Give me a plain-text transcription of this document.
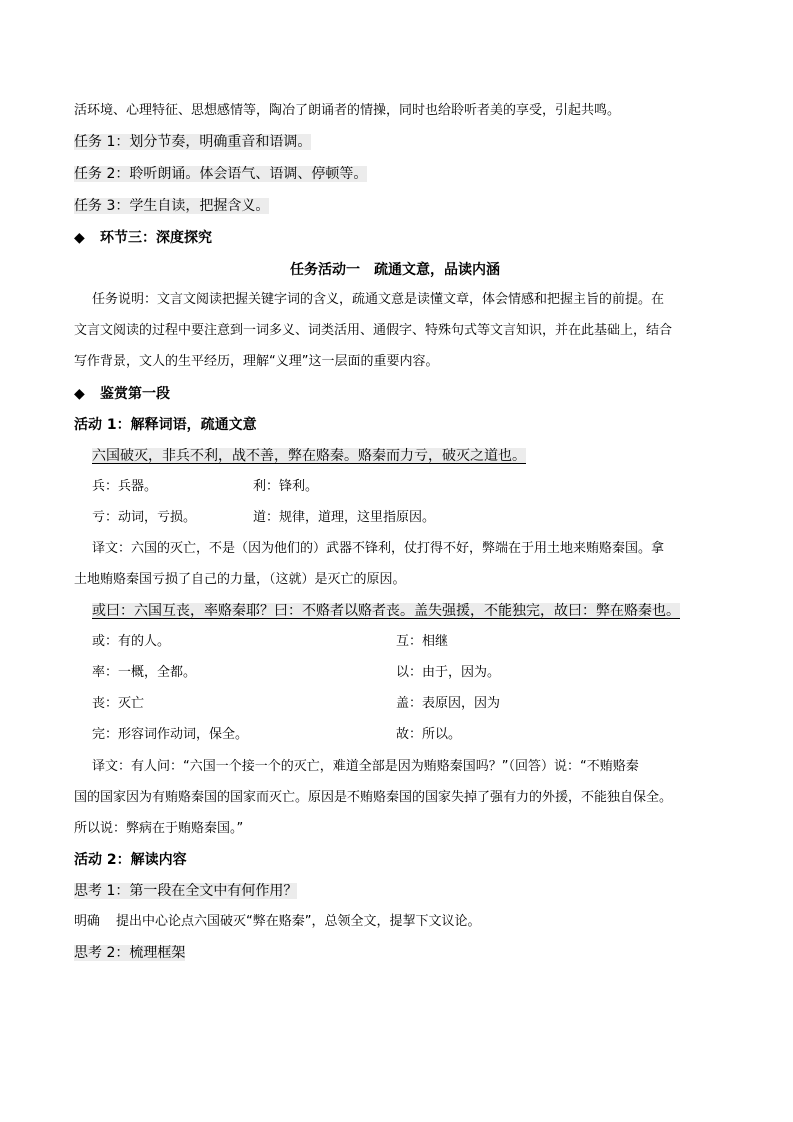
活环境、心理特征、思想感情等，陶冶了朗诵者的情操，同时也给聆听者美的享受，引起共鸣。
任务 1：划分节奏，明确重音和语调。
任务 2：聆听朗诵。体会语气、语调、停顿等。
任务 3：学生自读，把握含义。
◆ 环节三：深度探究
任务活动一　疏通文意，品读内涵
任务说明：文言文阅读把握关键字词的含义，疏通文意是读懂文章，体会情感和把握主旨的前提。在
文言文阅读的过程中要注意到一词多义、词类活用、通假字、特殊句式等文言知识，并在此基础上，结合
写作背景，文人的生平经历，理解“义理”这一层面的重要内容。
◆ 鉴赏第一段
活动 1：解释词语，疏通文意
六国破灭，非兵不利，战不善，弊在赂秦。赂秦而力亏，破灭之道也。
兵：兵器。	利：锋利。
亏：动词，亏损。	道：规律，道理，这里指原因。
译文：六国的灭亡，不是（因为他们的）武器不锋利，仗打得不好，弊端在于用土地来贿赂秦国。拿
土地贿赂秦国亏损了自己的力量，（这就）是灭亡的原因。
或曰：六国互丧，率赂秦耶？曰：不赂者以赂者丧。盖失强援，不能独完，故曰：弊在赂秦也。
或：有的人。	互：相继
率：一概，全都。	以：由于，因为。
丧：灭亡	盖：表原因，因为
完：形容词作动词，保全。	故：所以。
译文：有人问：“六国一个接一个的灭亡，难道全部是因为贿赂秦国吗？”（回答）说：“不贿赂秦
国的国家因为有贿赂秦国的国家而灭亡。原因是不贿赂秦国的国家失掉了强有力的外援，不能独自保全。
所以说：弊病在于贿赂秦国。”
活动 2：解读内容
思考 1：第一段在全文中有何作用？
明确 提出中心论点六国破灭“弊在赂秦”，总领全文，提挈下文议论。
思考 2：梳理框架
